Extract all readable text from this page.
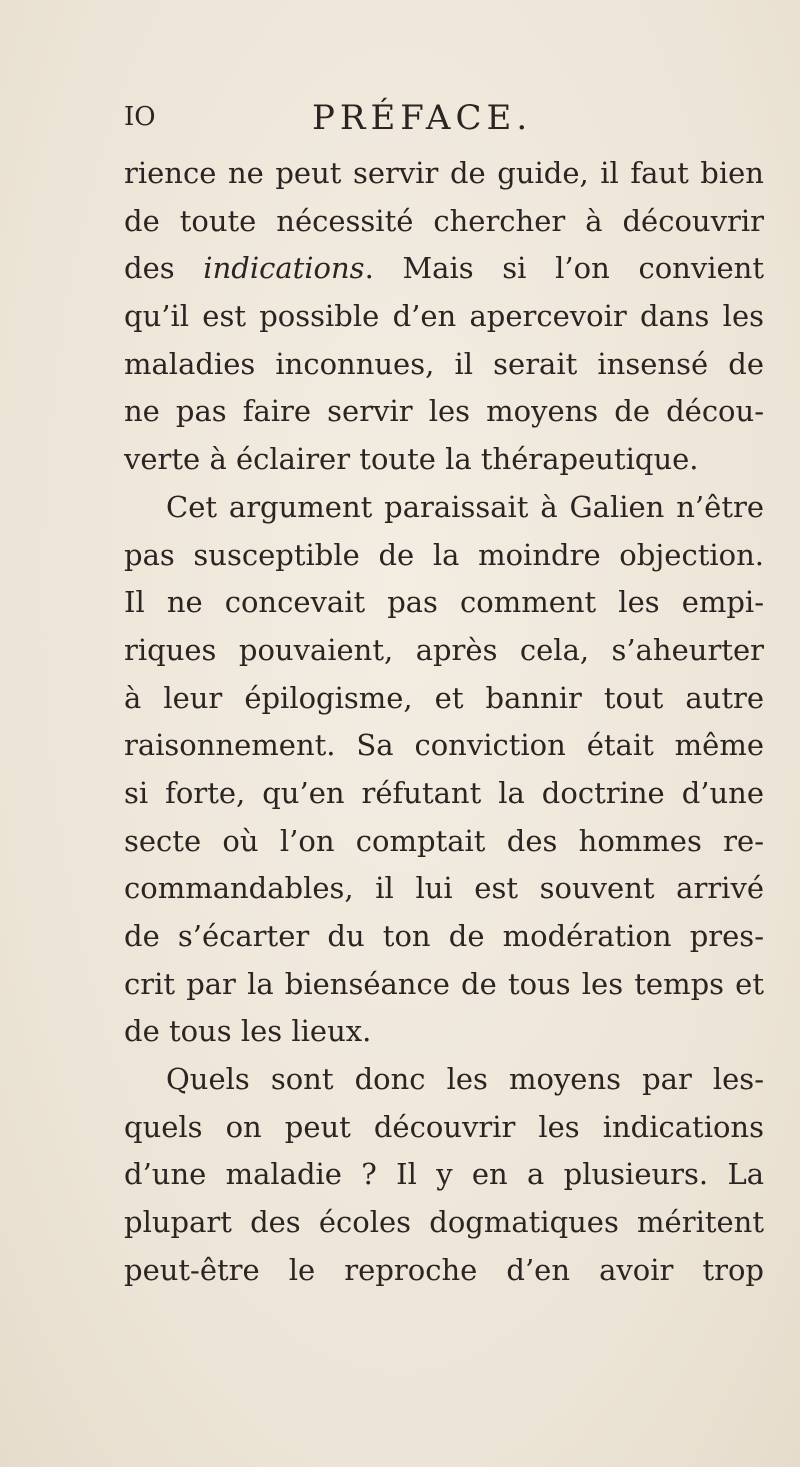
IO	PRÉFACE.
rience ne peut servir de guide, il faut bien
de toute nécessité chercher à découvrir
des indications. Mais si l’on convient
qu’il est possible d’en apercevoir dans les
maladies inconnues, il serait insensé de
ne pas faire servir les moyens de décou-
verte à éclairer toute la thérapeutique.
Cet argument paraissait à Galien n’être
pas susceptible de la moindre objection.
Il ne concevait pas comment les empi-
riques pouvaient, après cela, s’aheurter
à leur épilogisme, et bannir tout autre
raisonnement. Sa conviction était même
si forte, qu’en réfutant la doctrine d’une
secte où l’on comptait des hommes re-
commandables, il lui est souvent arrivé
de s’écarter du ton de modération pres-
crit par la bienséance de tous les temps et
de tous les lieux.
Quels sont donc les moyens par les-
quels on peut découvrir les indications
d’une maladie ? Il y en a plusieurs. La
plupart des écoles dogmatiques méritent
peut-être le reproche d’en avoir trop
